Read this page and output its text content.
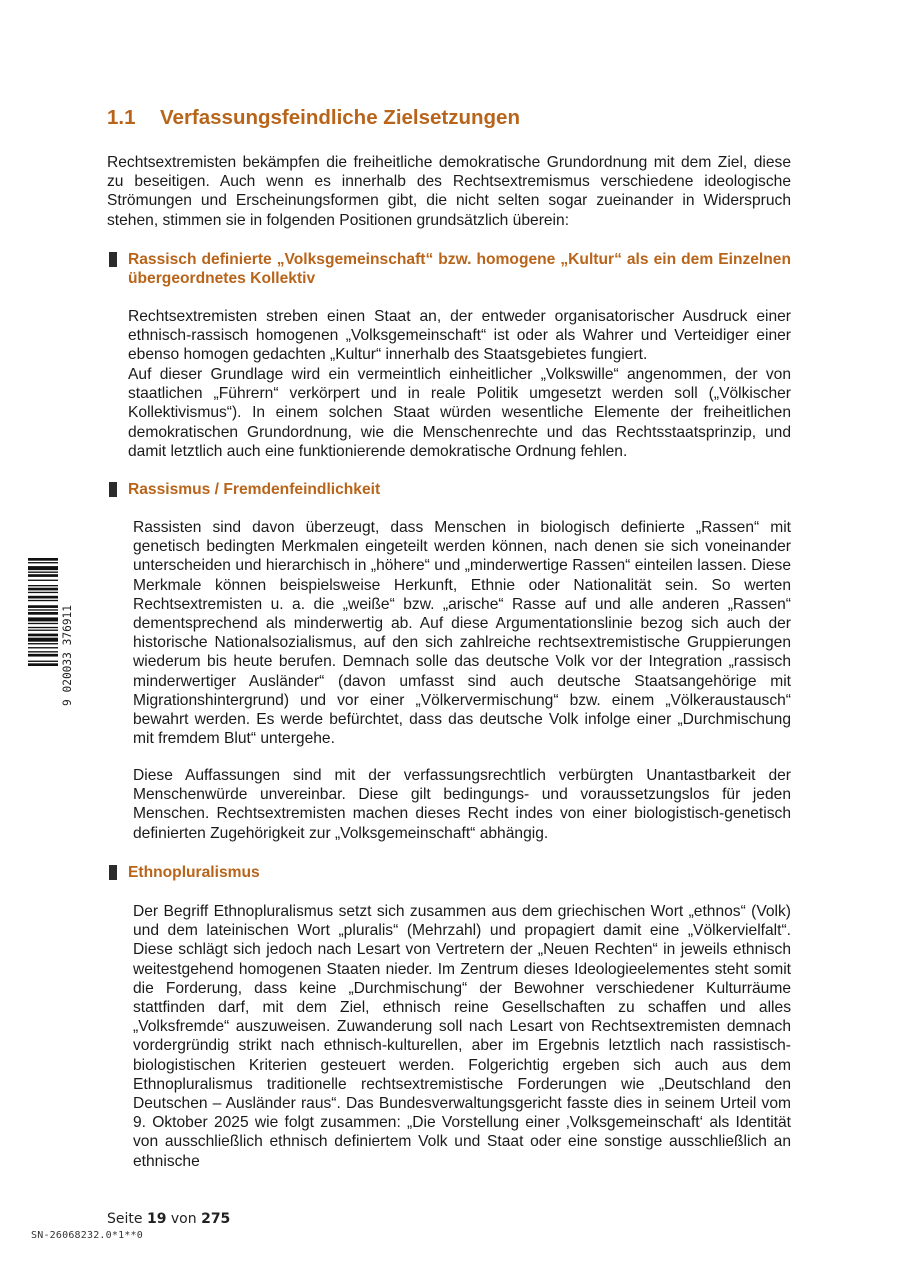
1.1 Verfassungsfeindliche Zielsetzungen

Rechtsextremisten bekämpfen die freiheitliche demokratische Grundordnung mit dem Ziel, diese zu beseitigen. Auch wenn es innerhalb des Rechtsextremismus verschiedene ideologische Strömungen und Erscheinungsformen gibt, die nicht selten sogar zueinander in Widerspruch stehen, stimmen sie in folgenden Positionen grundsätzlich überein:

Rassisch definierte „Volksgemeinschaft“ bzw. homogene „Kultur“ als ein dem Einzelnen übergeordnetes Kollektiv

Rechtsextremisten streben einen Staat an, der entweder organisatorischer Ausdruck einer ethnisch-rassisch homogenen „Volksgemeinschaft“ ist oder als Wahrer und Verteidiger einer ebenso homogen gedachten „Kultur“ innerhalb des Staatsgebietes fungiert.

Auf dieser Grundlage wird ein vermeintlich einheitlicher „Volkswille“ angenommen, der von staatlichen „Führern“ verkörpert und in reale Politik umgesetzt werden soll („Völkischer Kollektivismus“). In einem solchen Staat würden wesentliche Elemente der freiheitlichen demokratischen Grundordnung, wie die Menschenrechte und das Rechtsstaatsprinzip, und damit letztlich auch eine funktionierende demokratische Ordnung fehlen.

Rassismus / Fremdenfeindlichkeit

Rassisten sind davon überzeugt, dass Menschen in biologisch definierte „Rassen“ mit genetisch bedingten Merkmalen eingeteilt werden können, nach denen sie sich voneinander unterscheiden und hierarchisch in „höhere“ und „minderwertige Rassen“ einteilen lassen. Diese Merkmale können beispielsweise Herkunft, Ethnie oder Nationalität sein. So werten Rechtsextremisten u. a. die „weiße“ bzw. „arische“ Rasse auf und alle anderen „Rassen“ dementsprechend als minderwertig ab. Auf diese Argumentationslinie bezog sich auch der historische Nationalsozialismus, auf den sich zahlreiche rechtsextremistische Gruppierungen wiederum bis heute berufen. Demnach solle das deutsche Volk vor der Integration „rassisch minderwertiger Ausländer“ (davon umfasst sind auch deutsche Staatsangehörige mit Migrationshintergrund) und vor einer „Völkervermischung“ bzw. einem „Völkeraustausch“ bewahrt werden. Es werde befürchtet, dass das deutsche Volk infolge einer „Durchmischung mit fremdem Blut“ untergehe.

Diese Auffassungen sind mit der verfassungsrechtlich verbürgten Unantastbarkeit der Menschenwürde unvereinbar. Diese gilt bedingungs- und voraussetzungslos für jeden Menschen. Rechtsextremisten machen dieses Recht indes von einer biologistisch-genetisch definierten Zugehörigkeit zur „Volksgemeinschaft“ abhängig.

Ethnopluralismus

Der Begriff Ethnopluralismus setzt sich zusammen aus dem griechischen Wort „ethnos“ (Volk) und dem lateinischen Wort „pluralis“ (Mehrzahl) und propagiert damit eine „Völkervielfalt“. Diese schlägt sich jedoch nach Lesart von Vertretern der „Neuen Rechten“ in jeweils ethnisch weitestgehend homogenen Staaten nieder. Im Zentrum dieses Ideologieelementes steht somit die Forderung, dass keine „Durchmischung“ der Bewohner verschiedener Kulturräume stattfinden darf, mit dem Ziel, ethnisch reine Gesellschaften zu schaffen und alles „Volksfremde“ auszuweisen. Zuwanderung soll nach Lesart von Rechtsextremisten demnach vordergründig strikt nach ethnisch-kulturellen, aber im Ergebnis letztlich nach rassistisch-biologistischen Kriterien gesteuert werden. Folgerichtig ergeben sich auch aus dem Ethnopluralismus traditionelle rechtsextremistische Forderungen wie „Deutschland den Deutschen – Ausländer raus“. Das Bundesverwaltungsgericht fasste dies in seinem Urteil vom 9. Oktober 2025 wie folgt zusammen: „Die Vorstellung einer ‚Volksgemeinschaft‘ als Identität von ausschließlich ethnisch definiertem Volk und Staat oder eine sonstige ausschließlich an ethnische

9 020033 376911

Seite 19 von 275

SN-26068232.0*1**0
